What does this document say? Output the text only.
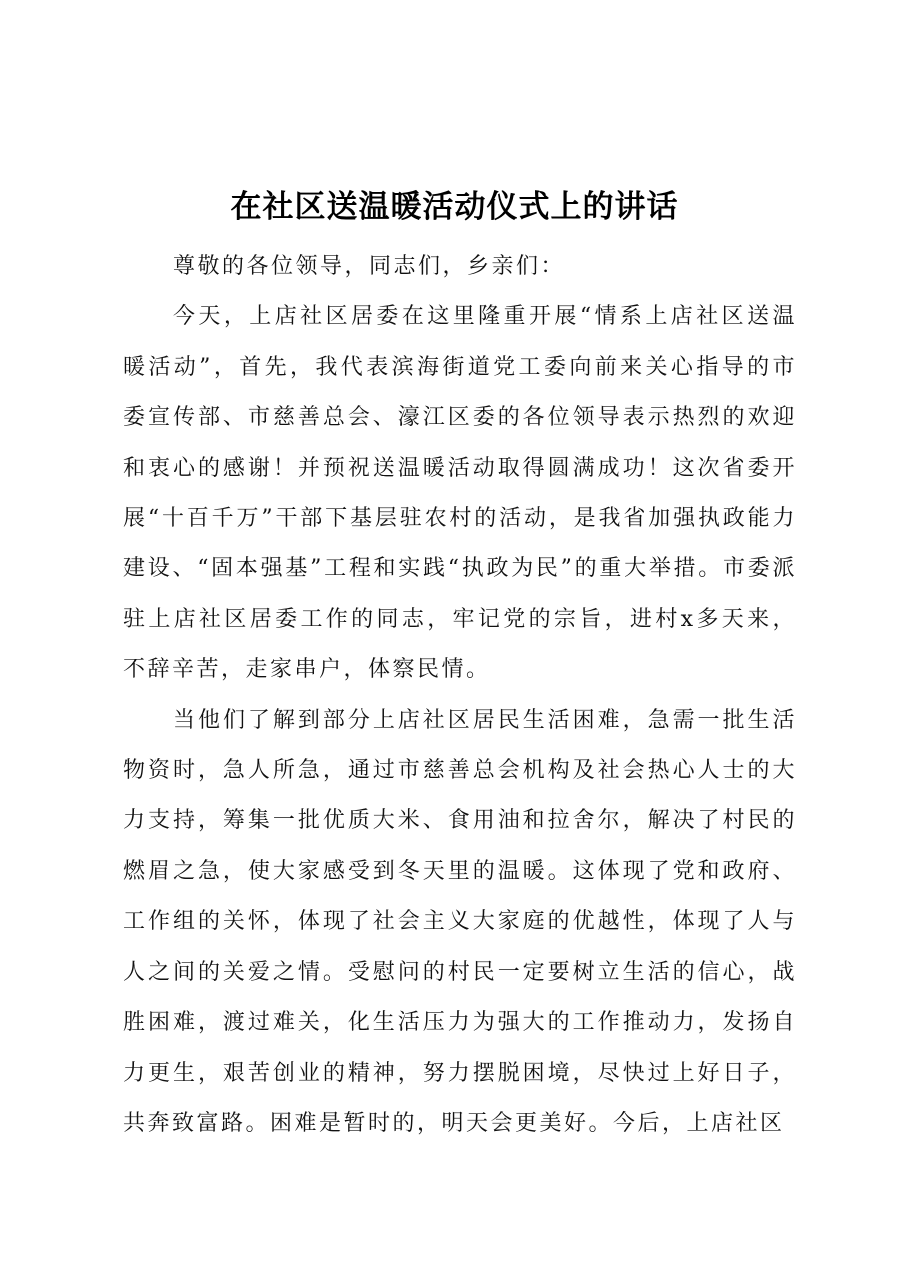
在社区送温暖活动仪式上的讲话

尊敬的各位领导，同志们，乡亲们：

今天，上店社区居委在这里隆重开展“情系上店社区送温暖活动”，首先，我代表滨海街道党工委向前来关心指导的市委宣传部、市慈善总会、濠江区委的各位领导表示热烈的欢迎和衷心的感谢！并预祝送温暖活动取得圆满成功！这次省委开展“十百千万”干部下基层驻农村的活动，是我省加强执政能力建设、“固本强基”工程和实践“执政为民”的重大举措。市委派驻上店社区居委工作的同志，牢记党的宗旨，进村x多天来，不辞辛苦，走家串户，体察民情。

当他们了解到部分上店社区居民生活困难，急需一批生活物资时，急人所急，通过市慈善总会机构及社会热心人士的大力支持，筹集一批优质大米、食用油和拉舍尔，解决了村民的燃眉之急，使大家感受到冬天里的温暖。这体现了党和政府、工作组的关怀，体现了社会主义大家庭的优越性，体现了人与人之间的关爱之情。受慰问的村民一定要树立生活的信心，战胜困难，渡过难关，化生活压力为强大的工作推动力，发扬自力更生，艰苦创业的精神，努力摆脱困境，尽快过上好日子，共奔致富路。困难是暂时的，明天会更美好。今后，上店社区
